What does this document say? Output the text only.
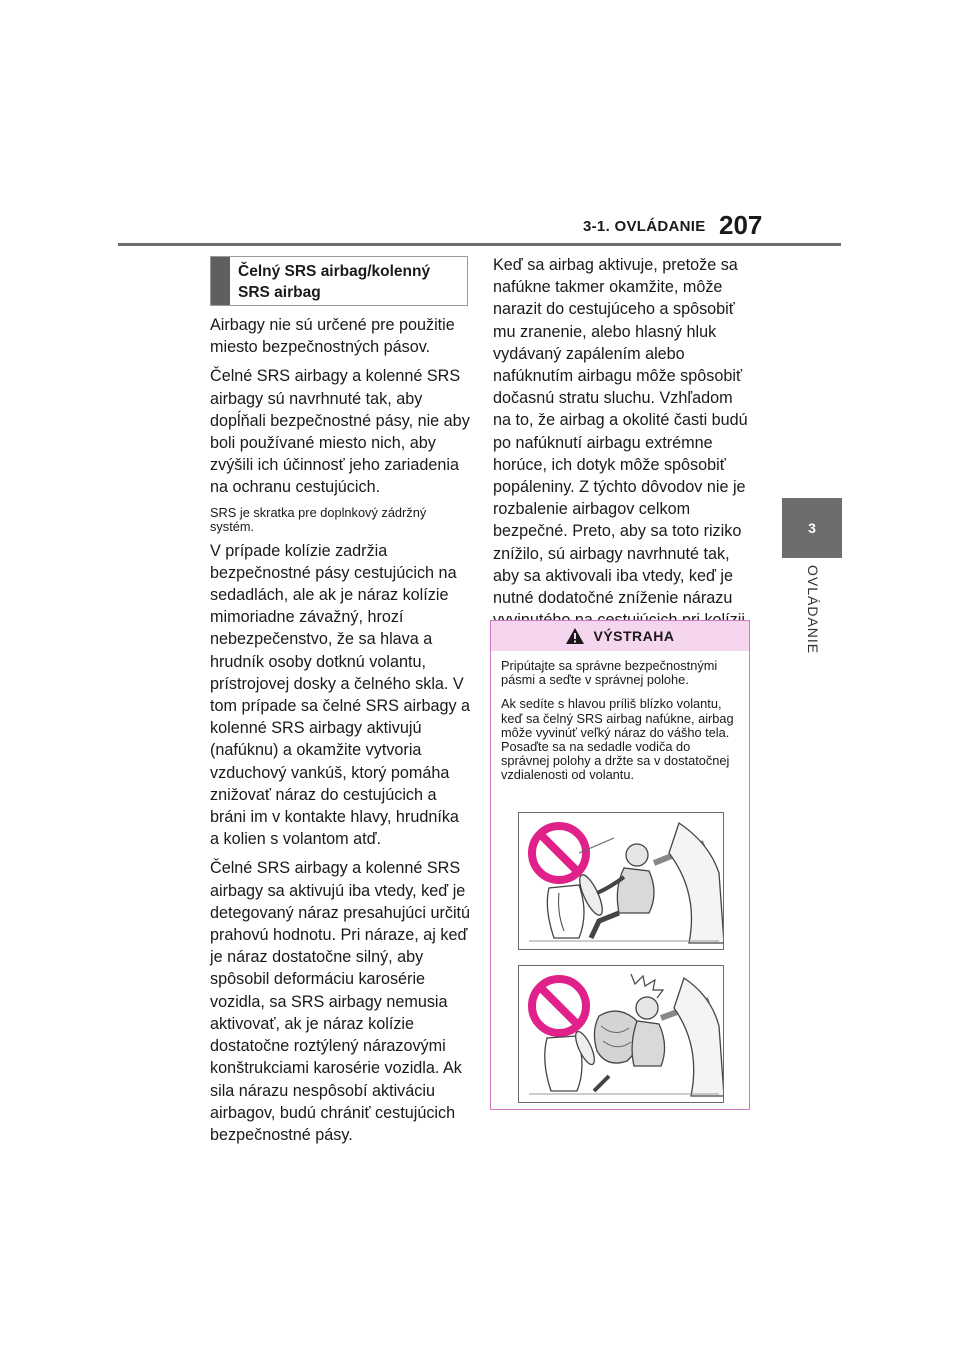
3-1. OVLÁDANIE 207
3
OVLÁDANIE
Čelný SRS airbag/kolenný SRS airbag

Airbagy nie sú určené pre použitie miesto bezpečnostných pásov.

Čelné SRS airbagy a kolenné SRS airbagy sú navrhnuté tak, aby dopĺňali bezpečnostné pásy, nie aby boli používané miesto nich, aby zvýšili ich účinnosť jeho zariadenia na ochranu cestujúcich.

SRS je skratka pre doplnkový zádržný systém.

V prípade kolízie zadržia bezpečnostné pásy cestujúcich na sedadlách, ale ak je náraz kolízie mimoriadne závažný, hrozí nebezpečenstvo, že sa hlava a hrudník osoby dotknú volantu, prístrojovej dosky a čelného skla. V tom prípade sa čelné SRS airbagy a kolenné SRS airbagy aktivujú (nafúknu) a okamžite vytvoria vzduchový vankúš, ktorý pomáha znižovať náraz do cestujúcich a bráni im v kontakte hlavy, hrudníka a kolien s volantom atď.

Čelné SRS airbagy a kolenné SRS airbagy sa aktivujú iba vtedy, keď je detegovaný náraz presahujúci určitú prahovú hodnotu. Pri náraze, aj keď je náraz dostatočne silný, aby spôsobil deformáciu karosérie vozidla, sa SRS airbagy nemusia aktivovať, ak je náraz kolízie dostatočne roztýlený nárazovými konštrukciami karosérie vozidla. Ak sila nárazu nespôsobí aktiváciu airbagov, budú chrániť cestujúcich bezpečnostné pásy.

Keď sa airbag aktivuje, pretože sa nafúkne takmer okamžite, môže narazit do cestujúceho a spôsobiť mu zranenie, alebo hlasný hluk vydávaný zapálením alebo nafúknutím airbagu môže spôsobiť dočasnú stratu sluchu. Vzhľadom na to, že airbag a okolité časti budú po nafúknutí airbagu extrémne horúce, ich dotyk môže spôsobiť popáleniny. Z týchto dôvodov nie je rozbalenie airbagov celkom bezpečné. Preto, aby sa toto riziko znížilo, sú airbagy navrhnuté tak, aby sa aktivovali iba vtedy, keď je nutné dodatočné zníženie nárazu

VÝSTRAHA

Pripútajte sa správne bezpečnostnými pásmi a seďte v správnej polohe.

Ak sedíte s hlavou príliš blízko volantu, keď sa čelný SRS airbag nafúkne, airbag môže vyvinúť veľký náraz do vášho tela. Posaďte sa na sedadle vodiča do správnej polohy a držte sa v dostatočnej vzdialenosti od volantu.
